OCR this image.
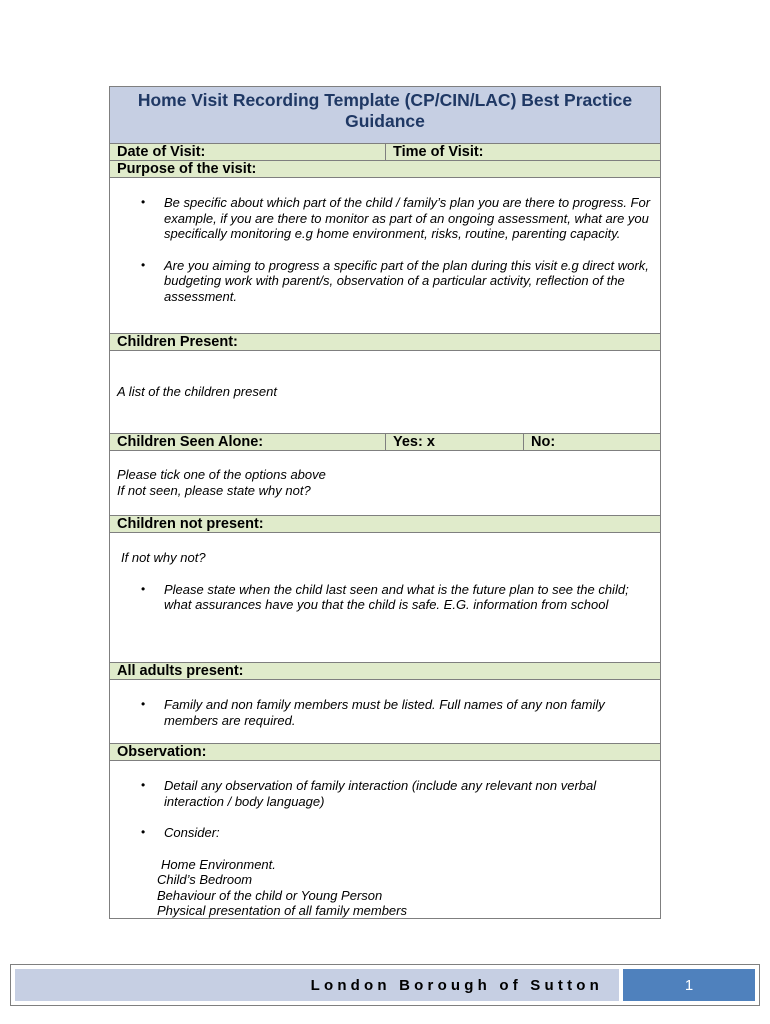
Home Visit Recording Template (CP/CIN/LAC) Best Practice Guidance
Date of Visit:	Time of Visit:
Purpose of the visit:
• Be specific about which part of the child / family’s plan you are there to progress. For example, if you are there to monitor as part of an ongoing assessment, what are you specifically monitoring e.g home environment, risks, routine, parenting capacity.
• Are you aiming to progress a specific part of the plan during this visit e.g direct work, budgeting work with parent/s, observation of a particular activity, reflection of the assessment.
Children Present:
A list of the children present
Children Seen Alone:	Yes: x	No:
Please tick one of the options above
If not seen, please state why not?
Children not present:
If not why not?
• Please state when the child last seen and what is the future plan to see the child; what assurances have you that the child is safe. E.G. information from school
All adults present:
• Family and non family members must be listed. Full names of any non family members are required.
Observation:
• Detail any observation of family interaction (include any relevant non verbal interaction / body language)
• Consider:
Home Environment.
Child’s Bedroom
Behaviour of the child or Young Person
Physical presentation of all family members
London Borough of Sutton	1
